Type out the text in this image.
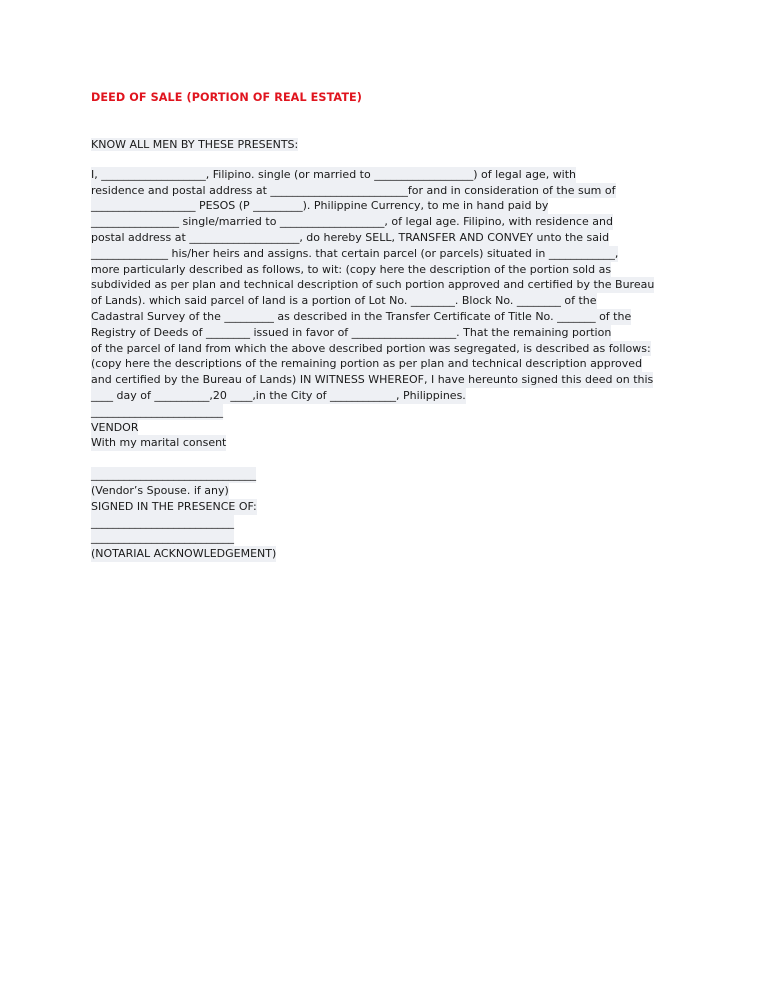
DEED OF SALE (PORTION OF REAL ESTATE)

KNOW ALL MEN BY THESE PRESENTS:

I, ___________________, Filipino. single (or married to __________________) of legal age, with
residence and postal address at _________________________for and in consideration of the sum of
___________________ PESOS (P _________). Philippine Currency, to me in hand paid by
________________ single/married to ___________________, of legal age. Filipino, with residence and
postal address at ____________________, do hereby SELL, TRANSFER AND CONVEY unto the said
______________ his/her heirs and assigns. that certain parcel (or parcels) situated in ____________,
more particularly described as follows, to wit: (copy here the description of the portion sold as
subdivided as per plan and technical description of such portion approved and certified by the Bureau
of Lands). which said parcel of land is a portion of Lot No. ________. Block No. ________ of the
Cadastral Survey of the _________ as described in the Transfer Certificate of Title No. _______ of the
Registry of Deeds of ________ issued in favor of ___________________. That the remaining portion
of the parcel of land from which the above described portion was segregated, is described as follows:
(copy here the descriptions of the remaining portion as per plan and technical description approved
and certified by the Bureau of Lands) IN WITNESS WHEREOF, I have hereunto signed this deed on this
____ day of __________,20 ____,in the City of ____________, Philippines.
________________________
VENDOR
With my marital consent
______________________________
(Vendor’s Spouse. if any)
SIGNED IN THE PRESENCE OF:
__________________________
__________________________
(NOTARIAL ACKNOWLEDGEMENT)
